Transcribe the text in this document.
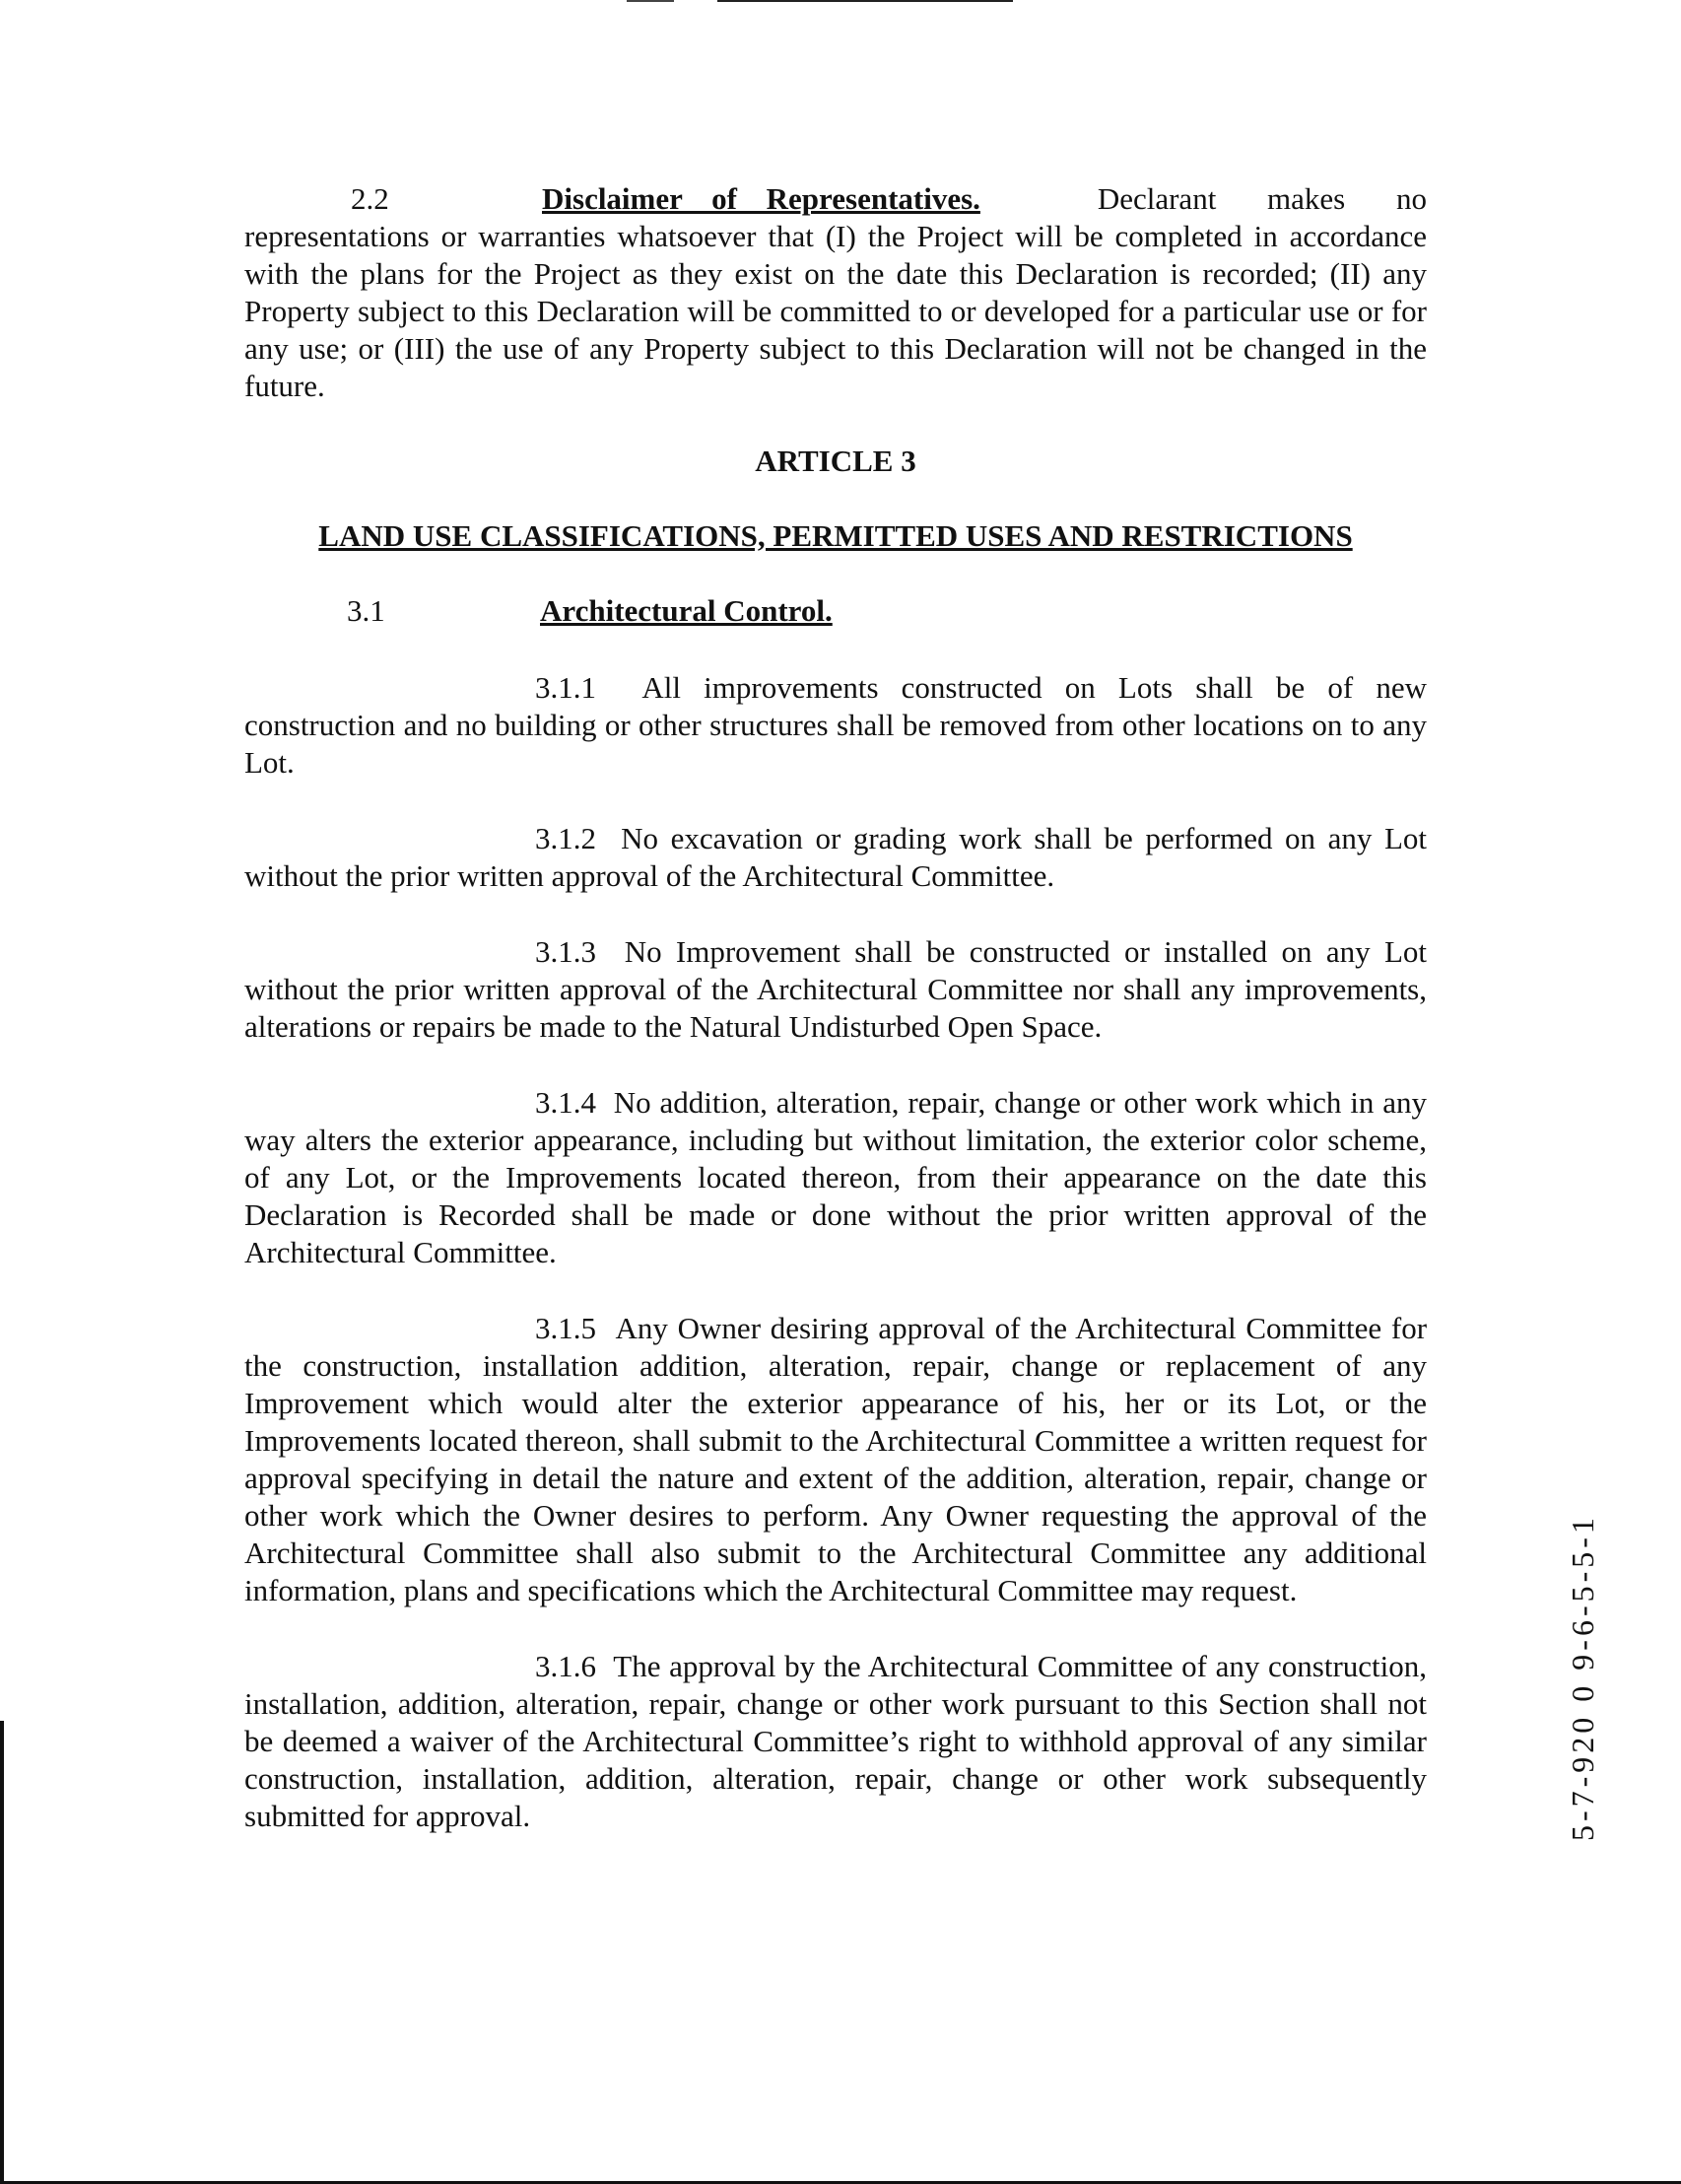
2.2	Disclaimer of Representatives.	Declarant makes no

representations or warranties whatsoever that (I) the Project will be completed in accordance with the plans for the Project as they exist on the date this Declaration is recorded; (II) any Property subject to this Declaration will be committed to or developed for a particular use or for any use; or (III) the use of any Property subject to this Declaration will not be changed in the future.

ARTICLE 3

LAND USE CLASSIFICATIONS, PERMITTED USES AND RESTRICTIONS

3.1	Architectural Control.

3.1.1 All improvements constructed on Lots shall be of new construction and no building or other structures shall be removed from other locations on to any Lot.

3.1.2 No excavation or grading work shall be performed on any Lot without the prior written approval of the Architectural Committee.

3.1.3 No Improvement shall be constructed or installed on any Lot without the prior written approval of the Architectural Committee nor shall any improvements, alterations or repairs be made to the Natural Undisturbed Open Space.

3.1.4 No addition, alteration, repair, change or other work which in any way alters the exterior appearance, including but without limitation, the exterior color scheme, of any Lot, or the Improvements located thereon, from their appearance on the date this Declaration is Recorded shall be made or done without the prior written approval of the Architectural Committee.

3.1.5 Any Owner desiring approval of the Architectural Committee for the construction, installation addition, alteration, repair, change or replacement of any Improvement which would alter the exterior appearance of his, her or its Lot, or the Improvements located thereon, shall submit to the Architectural Committee a written request for approval specifying in detail the nature and extent of the addition, alteration, repair, change or other work which the Owner desires to perform. Any Owner requesting the approval of the Architectural Committee shall also submit to the Architectural Committee any additional information, plans and specifications which the Architectural Committee may request.

3.1.6 The approval by the Architectural Committee of any construction, installation, addition, alteration, repair, change or other work pursuant to this Section shall not be deemed a waiver of the Architectural Committee’s right to withhold approval of any similar construction, installation, addition, alteration, repair, change or other work subsequently submitted for approval.	5-7-920 0 9-6-5-5-1
